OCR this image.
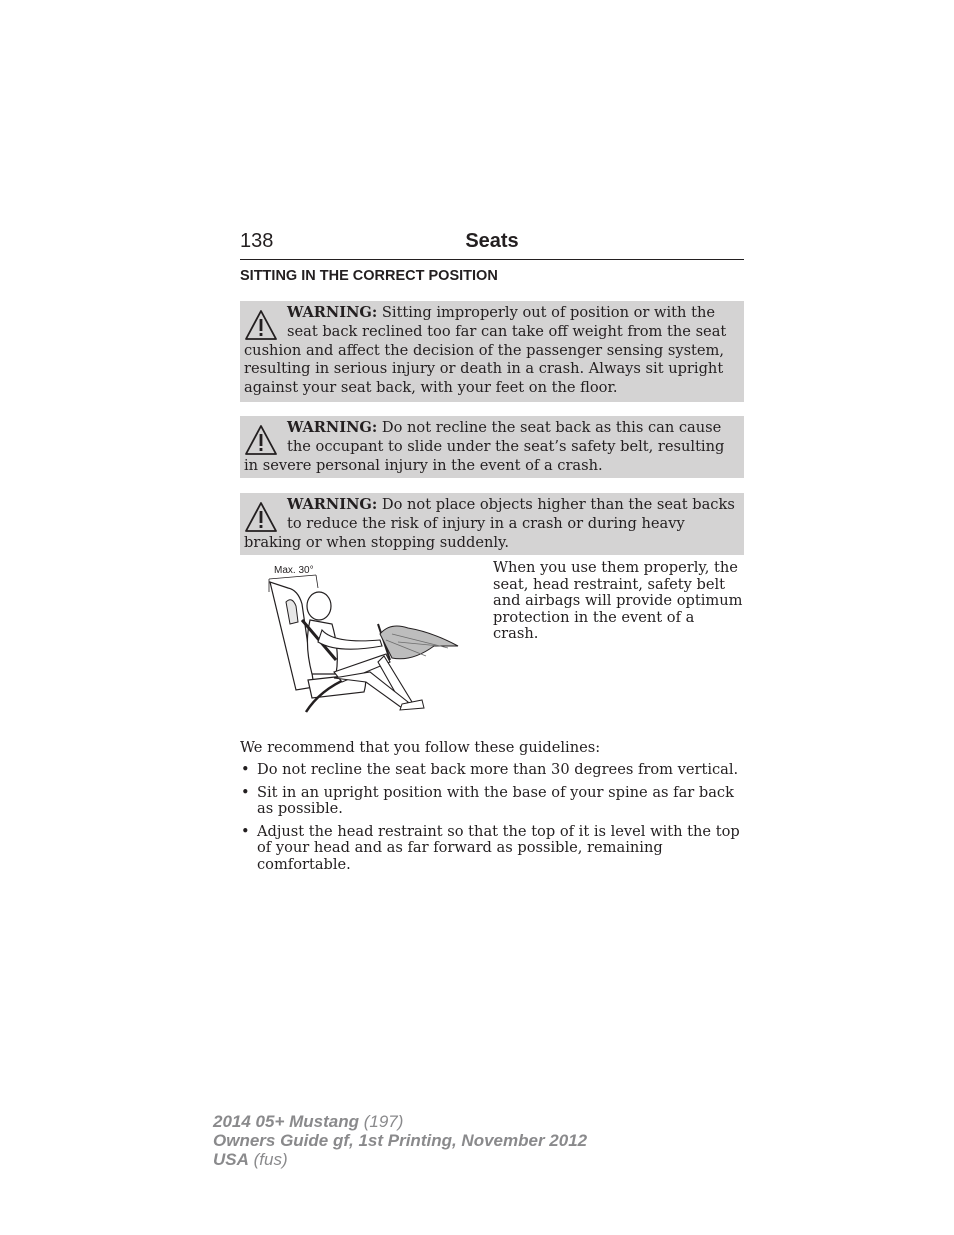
138	Seats
SITTING IN THE CORRECT POSITION
WARNING: Sitting improperly out of position or with the seat back reclined too far can take off weight from the seat cushion and affect the decision of the passenger sensing system, resulting in serious injury or death in a crash. Always sit upright against your seat back, with your feet on the floor.
WARNING: Do not recline the seat back as this can cause the occupant to slide under the seat’s safety belt, resulting in severe personal injury in the event of a crash.
WARNING: Do not place objects higher than the seat backs to reduce the risk of injury in a crash or during heavy braking or when stopping suddenly.
Max. 30°	When you use them properly, the seat, head restraint, safety belt and airbags will provide optimum protection in the event of a crash.
We recommend that you follow these guidelines:
• Do not recline the seat back more than 30 degrees from vertical.
• Sit in an upright position with the base of your spine as far back as possible.
• Adjust the head restraint so that the top of it is level with the top of your head and as far forward as possible, remaining comfortable.
2014 05+ Mustang (197)
Owners Guide gf, 1st Printing, November 2012
USA (fus)
